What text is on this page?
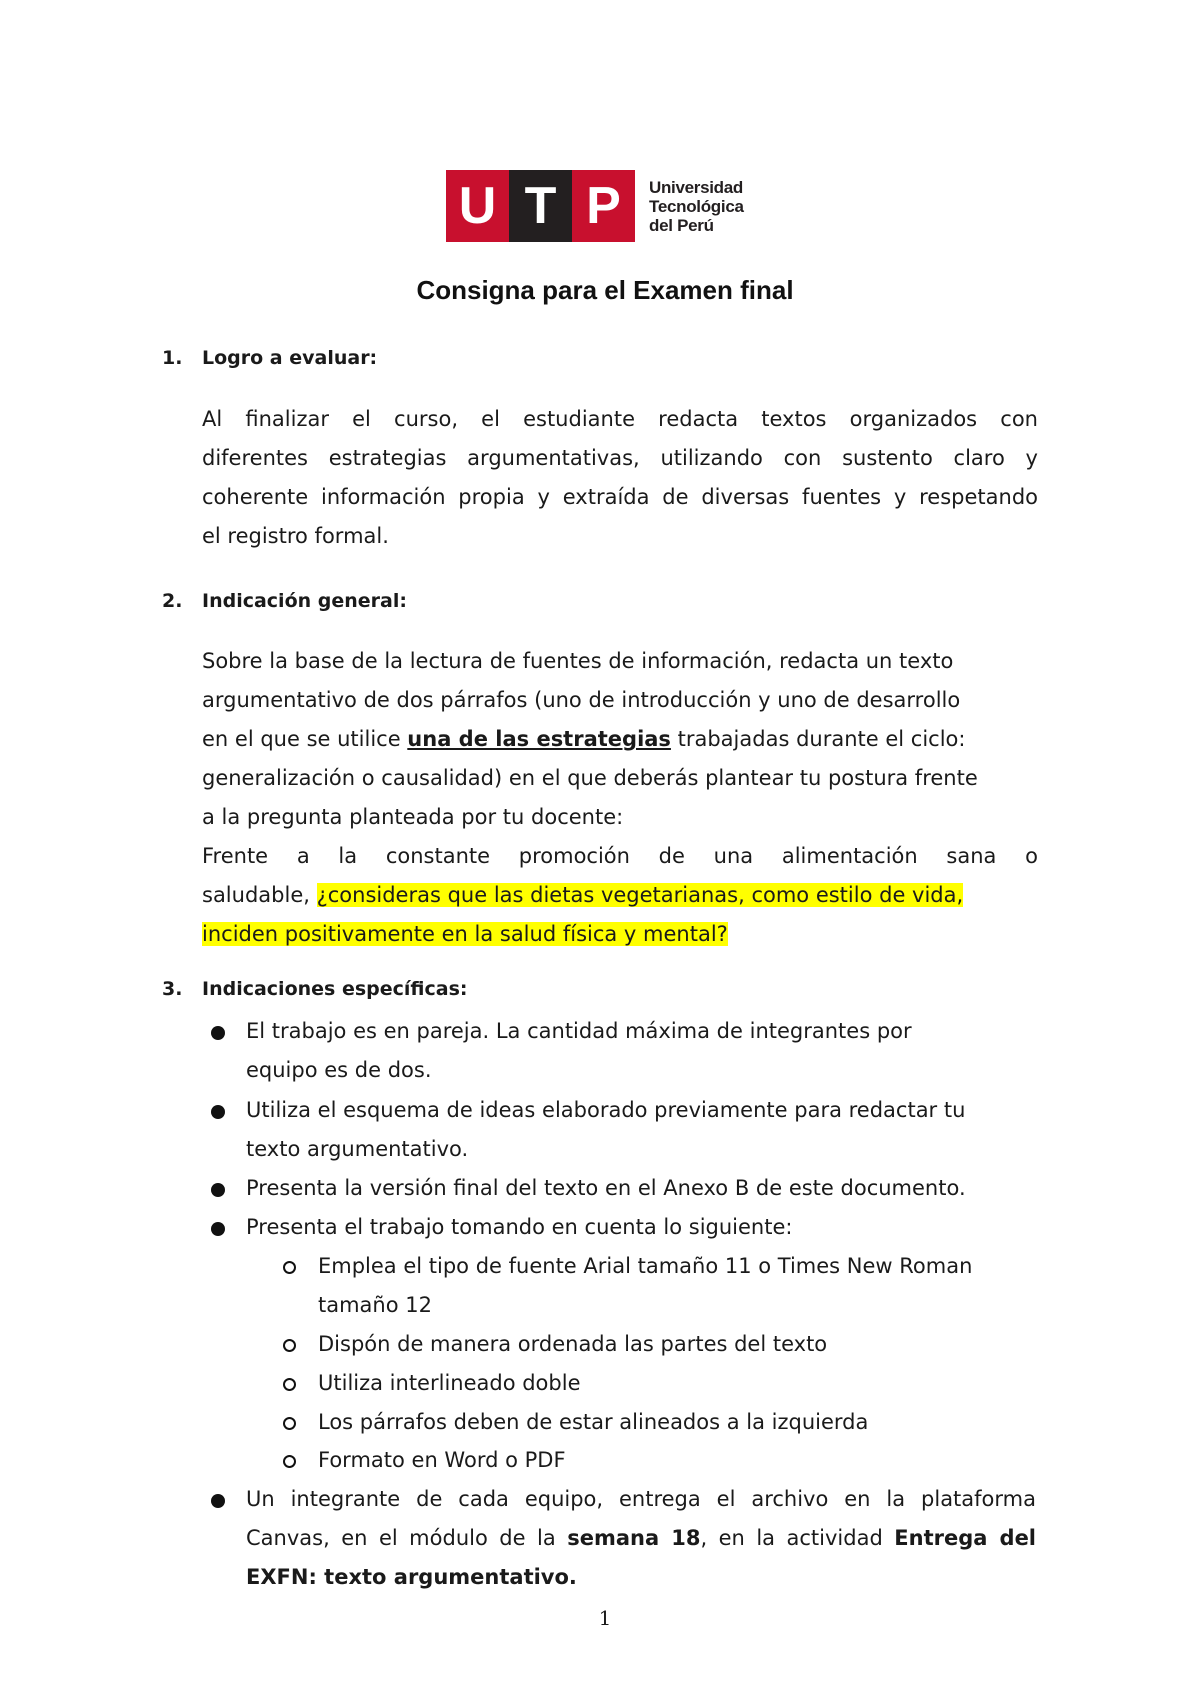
U T P	Universidad
Tecnológica
del Perú
Consigna para el Examen final
1. Logro a evaluar:
Al finalizar el curso, el estudiante redacta textos organizados con
diferentes estrategias argumentativas, utilizando con sustento claro y
coherente información propia y extraída de diversas fuentes y respetando
el registro formal.
2. Indicación general:
Sobre la base de la lectura de fuentes de información, redacta un texto
argumentativo de dos párrafos (uno de introducción y uno de desarrollo
en el que se utilice una de las estrategias trabajadas durante el ciclo:
generalización o causalidad) en el que deberás plantear tu postura frente
a la pregunta planteada por tu docente:
Frente a la constante promoción de una alimentación sana o
saludable, ¿consideras que las dietas vegetarianas, como estilo de vida,
inciden positivamente en la salud física y mental?
3. Indicaciones específicas:
El trabajo es en pareja. La cantidad máxima de integrantes por
equipo es de dos.
Utiliza el esquema de ideas elaborado previamente para redactar tu
texto argumentativo.
Presenta la versión final del texto en el Anexo B de este documento.
Presenta el trabajo tomando en cuenta lo siguiente:
Emplea el tipo de fuente Arial tamaño 11 o Times New Roman
tamaño 12
Dispón de manera ordenada las partes del texto
Utiliza interlineado doble
Los párrafos deben de estar alineados a la izquierda
Formato en Word o PDF
Un integrante de cada equipo, entrega el archivo en la plataforma
Canvas, en el módulo de la semana 18, en la actividad Entrega del
EXFN: texto argumentativo.
1
